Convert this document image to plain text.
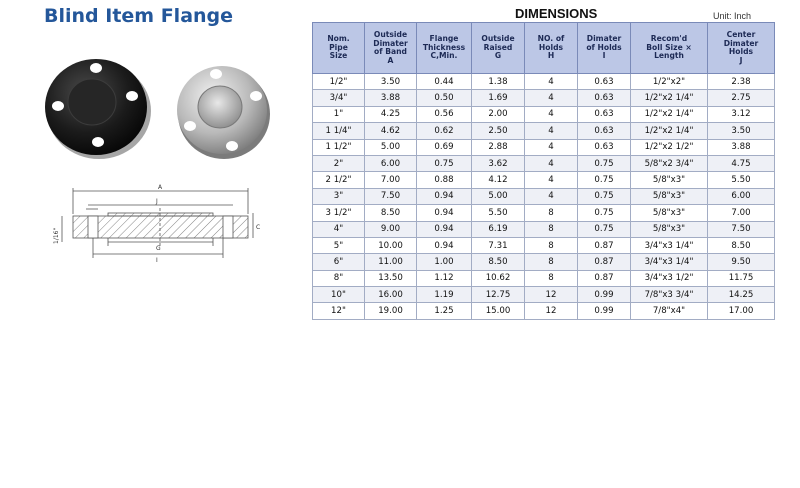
Blind Item Flange
A
J
G
I
C
1/16"
DIMENSIONS	Unit: Inch
Nom.
Pipe
Size	Outside
Dimater
of Band
A	Flange
Thickness
C,Min.	Outside
Raised
G	NO. of
Holds
H	Dimater
of Holds
I	Recom'd
Boll Size ×
Length	Center
Dimater
Holds
J
1/2"	3.50	0.44	1.38	4	0.63	1/2"x2"	2.38
3/4"	3.88	0.50	1.69	4	0.63	1/2"x2 1/4"	2.75
1"	4.25	0.56	2.00	4	0.63	1/2"x2 1/4"	3.12
1 1/4"	4.62	0.62	2.50	4	0.63	1/2"x2 1/4"	3.50
1 1/2"	5.00	0.69	2.88	4	0.63	1/2"x2 1/2"	3.88
2"	6.00	0.75	3.62	4	0.75	5/8"x2 3/4"	4.75
2 1/2"	7.00	0.88	4.12	4	0.75	5/8"x3"	5.50
3"	7.50	0.94	5.00	4	0.75	5/8"x3"	6.00
3 1/2"	8.50	0.94	5.50	8	0.75	5/8"x3"	7.00
4"	9.00	0.94	6.19	8	0.75	5/8"x3"	7.50
5"	10.00	0.94	7.31	8	0.87	3/4"x3 1/4"	8.50
6"	11.00	1.00	8.50	8	0.87	3/4"x3 1/4"	9.50
8"	13.50	1.12	10.62	8	0.87	3/4"x3 1/2"	11.75
10"	16.00	1.19	12.75	12	0.99	7/8"x3 3/4"	14.25
12"	19.00	1.25	15.00	12	0.99	7/8"x4"	17.00
